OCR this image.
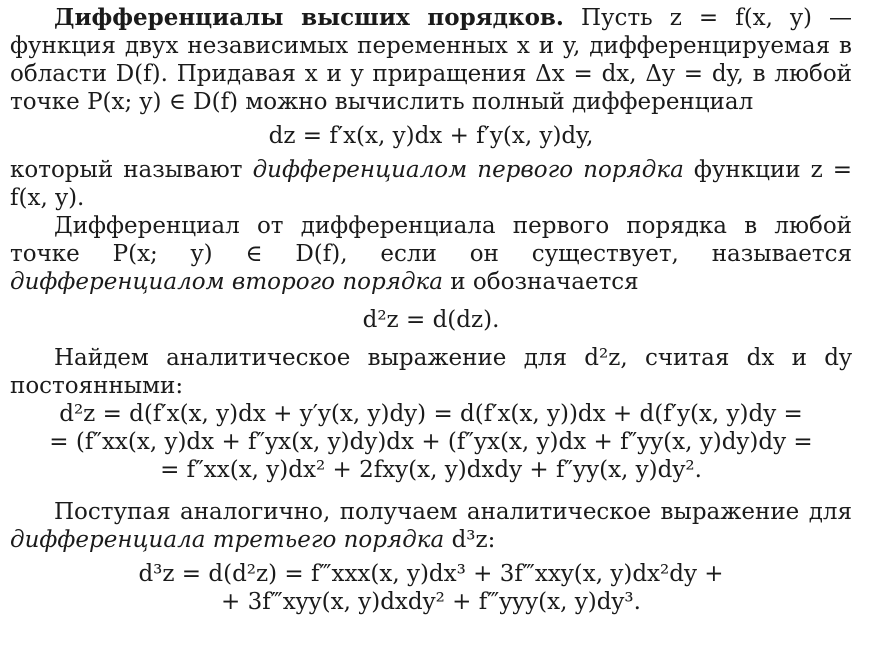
Дифференциалы высших порядков. Пусть z = f(x, y) — функция двух независимых переменных x и y, дифференцируемая в области D(f). Придавая x и y приращения Δx = dx, Δy = dy, в любой точке P(x; y) ∈ D(f) можно вычислить полный дифференциал

dz = f′x(x, y)dx + f′y(x, y)dy,

который называют дифференциалом первого порядка функции z = f(x, y).

Дифференциал от дифференциала первого порядка в любой точке P(x; y) ∈ D(f), если он существует, называется дифференциалом второго порядка и обозначается

d²z = d(dz).

Найдем аналитическое выражение для d²z, считая dx и dy постоянными:

d²z = d(f′x(x, y)dx + y′y(x, y)dy) = d(f′x(x, y))dx + d(f′y(x, y)dy =

= (f″xx(x, y)dx + f″yx(x, y)dy)dx + (f″yx(x, y)dx + f″yy(x, y)dy)dy =

= f″xx(x, y)dx² + 2fxy(x, y)dxdy + f″yy(x, y)dy².

Поступая аналогично, получаем аналитическое выражение для дифференциала третьего порядка d³z:

d³z = d(d²z) = f‴xxx(x, y)dx³ + 3f‴xxy(x, y)dx²dy +

+ 3f‴xyy(x, y)dxdy² + f‴yyy(x, y)dy³.
